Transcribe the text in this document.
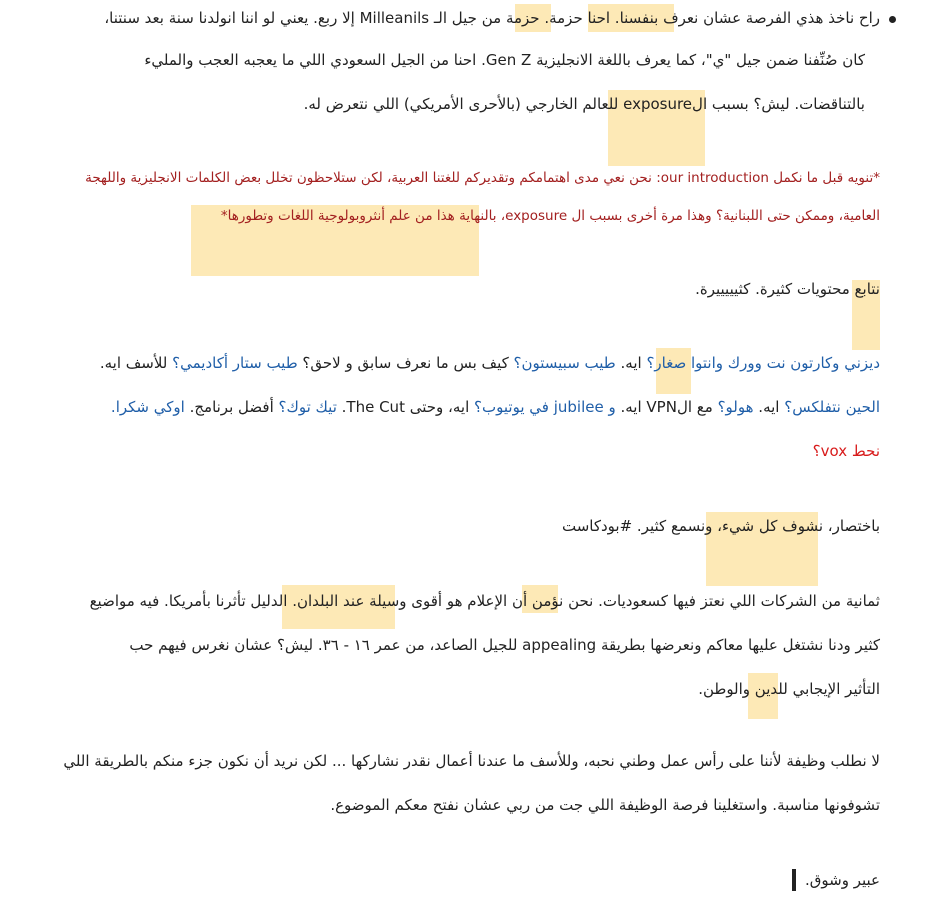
راح ناخذ هذي الفرصة عشان نعرف بنفسنا. احنا حزمة. حزمة من جيل الـ Milleanils إلا ربع. يعني لو اننا انولدنا سنة بعد سنتنا،
كان صُنِّفنا ضمن جيل "ي"، كما يعرف باللغة الانجليزية Gen Z. احنا من الجيل السعودي اللي ما يعجبه العجب والمليء
بالتناقضات. ليش؟ بسبب الexposure للعالم الخارجي (بالأحرى الأمريكي) اللي نتعرض له.
*تنويه قبل ما نكمل our introduction: نحن نعي مدى اهتمامكم وتقديركم للغتنا العربية، لكن ستلاحظون تخلل بعض الكلمات الانجليزية واللهجة
العامية، وممكن حتى اللبنانية؟ وهذا مرة أخرى بسبب ال exposure، بالنهاية هذا من علم أنثروبولوجية اللغات وتطورها*
نتابع محتويات كثيرة. كثيييييرة.
ديزني وكارتون نت وورك وانتوا صغار؟ ايه. طيب سبيستون؟ كيف بس ما نعرف سابق و لاحق؟ طيب ستار أكاديمي؟ للأسف ايه.
الحين نتفلكس؟ ايه. هولو؟ مع الVPN ايه. و jubilee في يوتيوب؟ ايه، وحتى The Cut. تيك توك؟ أفضل برنامج. اوكي شكرا.
نحط vox؟
باختصار، نشوف كل شيء، ونسمع كثير. #بودكاست
ثمانية من الشركات اللي نعتز فيها كسعوديات. نحن نؤمن أن الإعلام هو أقوى وسيلة عند البلدان. الدليل تأثرنا بأمريكا. فيه مواضيع
كثير ودنا نشتغل عليها معاكم ونعرضها بطريقة appealing للجيل الصاعد، من عمر ١٦ - ٣٦. ليش؟ عشان نغرس فيهم حب
التأثير الإيجابي للدين والوطن.
لا نطلب وظيفة لأننا على رأس عمل وطني نحبه، وللأسف ما عندنا أعمال نقدر نشاركها ... لكن نريد أن نكون جزء منكم بالطريقة اللي
تشوفونها مناسبة. واستغلينا فرصة الوظيفة اللي جت من ربي عشان نفتح معكم الموضوع.
عبير وشوق.
